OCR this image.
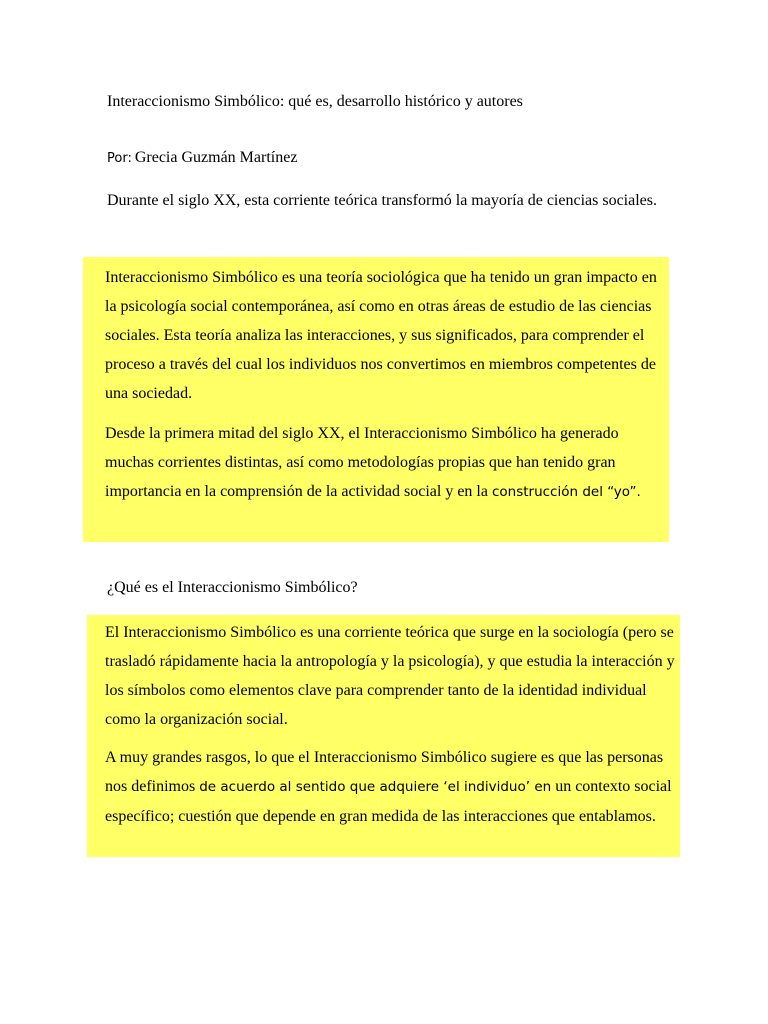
Interaccionismo Simbólico: qué es, desarrollo histórico y autores
Por: Grecia Guzmán Martínez
Durante el siglo XX, esta corriente teórica transformó la mayoría de ciencias sociales.

Interaccionismo Simbólico es una teoría sociológica que ha tenido un gran impacto en la psicología social contemporánea, así como en otras áreas de estudio de las ciencias sociales. Esta teoría analiza las interacciones, y sus significados, para comprender el proceso a través del cual los individuos nos convertimos en miembros competentes de una sociedad.

Desde la primera mitad del siglo XX, el Interaccionismo Simbólico ha generado muchas corrientes distintas, así como metodologías propias que han tenido gran importancia en la comprensión de la actividad social y en la construcción del “yo”.

¿Qué es el Interaccionismo Simbólico?

El Interaccionismo Simbólico es una corriente teórica que surge en la sociología (pero se trasladó rápidamente hacia la antropología y la psicología), y que estudia la interacción y los símbolos como elementos clave para comprender tanto de la identidad individual como la organización social.

A muy grandes rasgos, lo que el Interaccionismo Simbólico sugiere es que las personas nos definimos de acuerdo al sentido que adquiere ‘el individuo’ en un contexto social específico; cuestión que depende en gran medida de las interacciones que entablamos.
